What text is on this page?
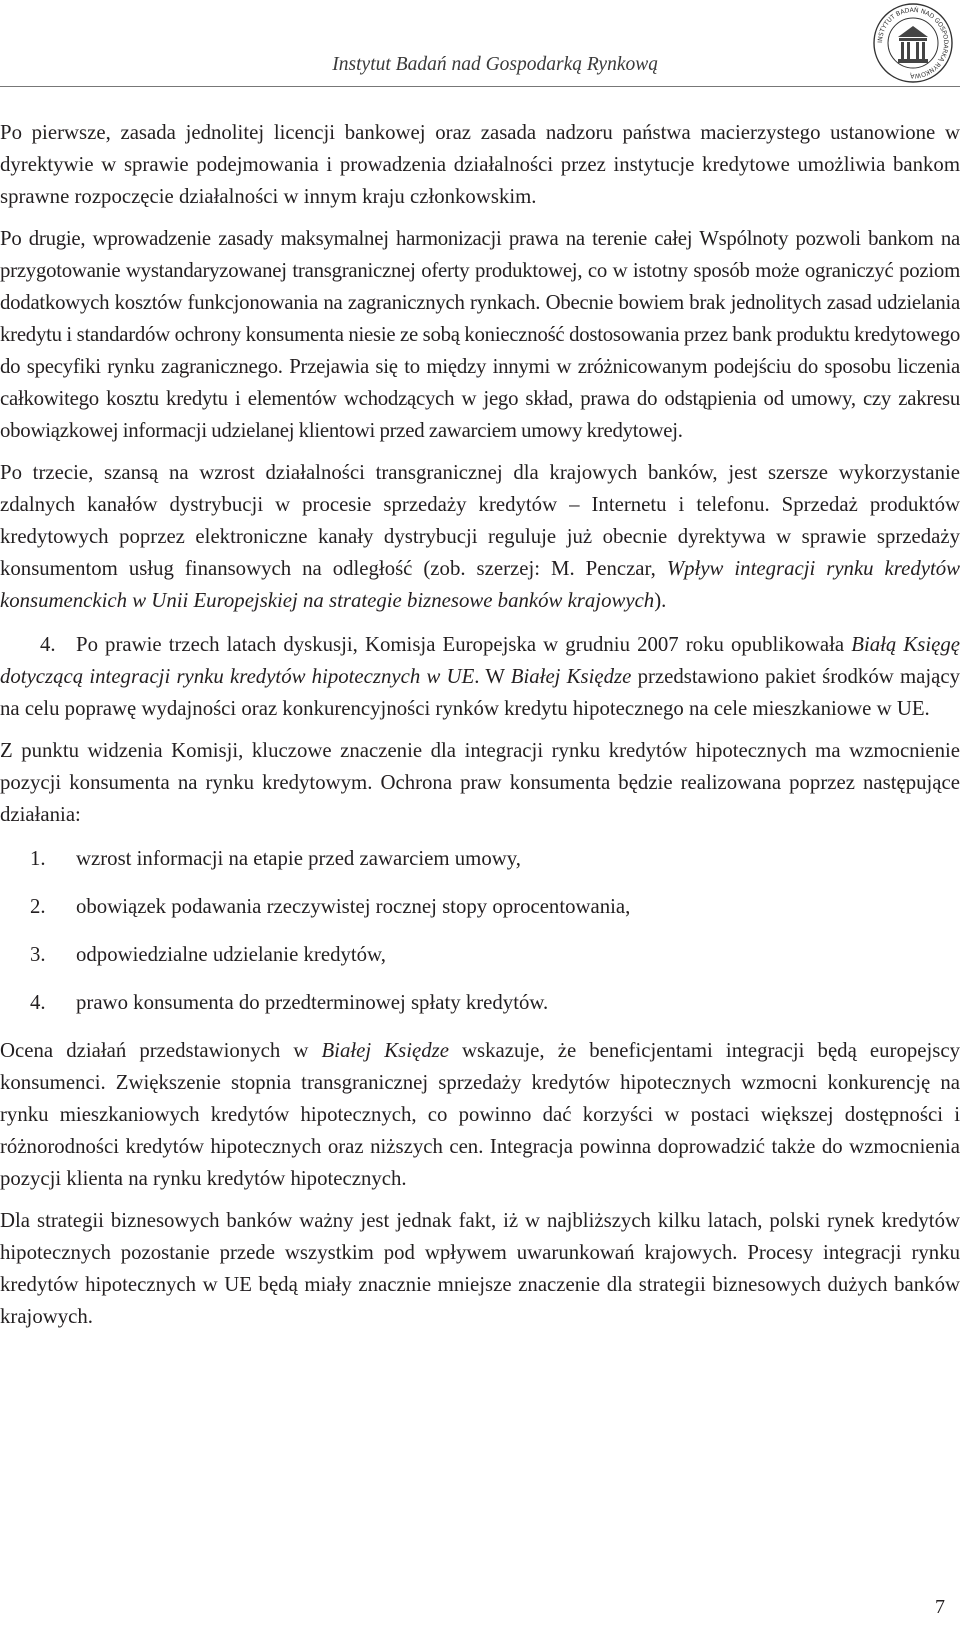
Instytut Badań nad Gospodarką Rynkową
INSTYTUT BADAŃ NAD GOSPODARKĄ RYNKOWĄ

Po pierwsze, zasada jednolitej licencji bankowej oraz zasada nadzoru państwa macierzystego ustanowione w dyrektywie w sprawie podejmowania i prowadzenia działalności przez instytucje kredytowe umożliwia bankom sprawne rozpoczęcie działalności w innym kraju członkowskim.

Po drugie, wprowadzenie zasady maksymalnej harmonizacji prawa na terenie całej Wspólnoty pozwoli bankom na przygotowanie wystandaryzowanej transgranicznej oferty produktowej, co w istotny sposób może ograniczyć poziom dodatkowych kosztów funkcjonowania na zagranicznych rynkach. Obecnie bowiem brak jednolitych zasad udzielania kredytu i standardów ochrony konsumenta niesie ze sobą konieczność dostosowania przez bank produktu kredytowego do specyfiki rynku zagranicznego. Przejawia się to między innymi w zróżnicowanym podejściu do sposobu liczenia całkowitego kosztu kredytu i elementów wchodzących w jego skład, prawa do odstąpienia od umowy, czy zakresu obowiązkowej informacji udzielanej klientowi przed zawarciem umowy kredytowej.

Po trzecie, szansą na wzrost działalności transgranicznej dla krajowych banków, jest szersze wykorzystanie zdalnych kanałów dystrybucji w procesie sprzedaży kredytów – Internetu i telefonu. Sprzedaż produktów kredytowych poprzez elektroniczne kanały dystrybucji reguluje już obecnie dyrektywa w sprawie sprzedaży konsumentom usług finansowych na odległość (zob. szerzej: M. Penczar, Wpływ integracji rynku kredytów konsumenckich w Unii Europejskiej na strategie biznesowe banków krajowych).

4. Po prawie trzech latach dyskusji, Komisja Europejska w grudniu 2007 roku opublikowała Białą Księgę dotyczącą integracji rynku kredytów hipotecznych w UE. W Białej Księdze przedstawiono pakiet środków mający na celu poprawę wydajności oraz konkurencyjności rynków kredytu hipotecznego na cele mieszkaniowe w UE.

Z punktu widzenia Komisji, kluczowe znaczenie dla integracji rynku kredytów hipotecznych ma wzmocnienie pozycji konsumenta na rynku kredytowym. Ochrona praw konsumenta będzie realizowana poprzez następujące działania:

1.	wzrost informacji na etapie przed zawarciem umowy,
2.	obowiązek podawania rzeczywistej rocznej stopy oprocentowania,
3.	odpowiedzialne udzielanie kredytów,
4.	prawo konsumenta do przedterminowej spłaty kredytów.

Ocena działań przedstawionych w Białej Księdze wskazuje, że beneficjentami integracji będą europejscy konsumenci. Zwiększenie stopnia transgranicznej sprzedaży kredytów hipotecznych wzmocni konkurencję na rynku mieszkaniowych kredytów hipotecznych, co powinno dać korzyści w postaci większej dostępności i różnorodności kredytów hipotecznych oraz niższych cen. Integracja powinna doprowadzić także do wzmocnienia pozycji klienta na rynku kredytów hipotecznych.

Dla strategii biznesowych banków ważny jest jednak fakt, iż w najbliższych kilku latach, polski rynek kredytów hipotecznych pozostanie przede wszystkim pod wpływem uwarunkowań krajowych. Procesy integracji rynku kredytów hipotecznych w UE będą miały znacznie mniejsze znaczenie dla strategii biznesowych dużych banków krajowych.

7
